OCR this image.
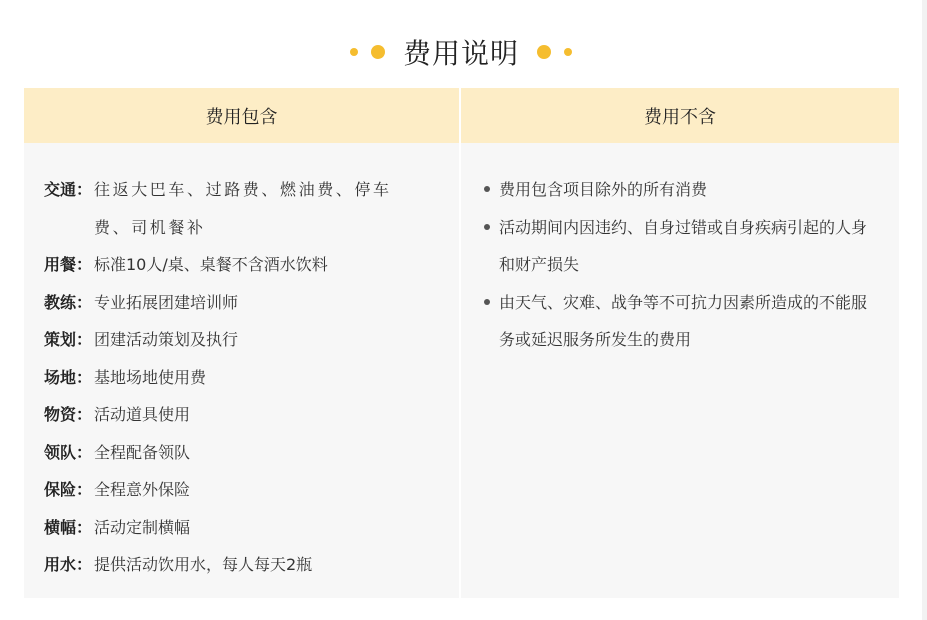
费用说明
费用包含
交通： 往返大巴车、过路费、燃油费、停车费、司机餐补
用餐： 标准10人/桌、桌餐不含酒水饮料
教练： 专业拓展团建培训师
策划： 团建活动策划及执行
场地： 基地场地使用费
物资： 活动道具使用
领队： 全程配备领队
保险： 全程意外保险
横幅： 活动定制横幅
用水： 提供活动饮用水，每人每天2瓶
费用不含
费用包含项目除外的所有消费
活动期间内因违约、自身过错或自身疾病引起的人身和财产损失
由天气、灾难、战争等不可抗力因素所造成的不能服务或延迟服务所发生的费用
